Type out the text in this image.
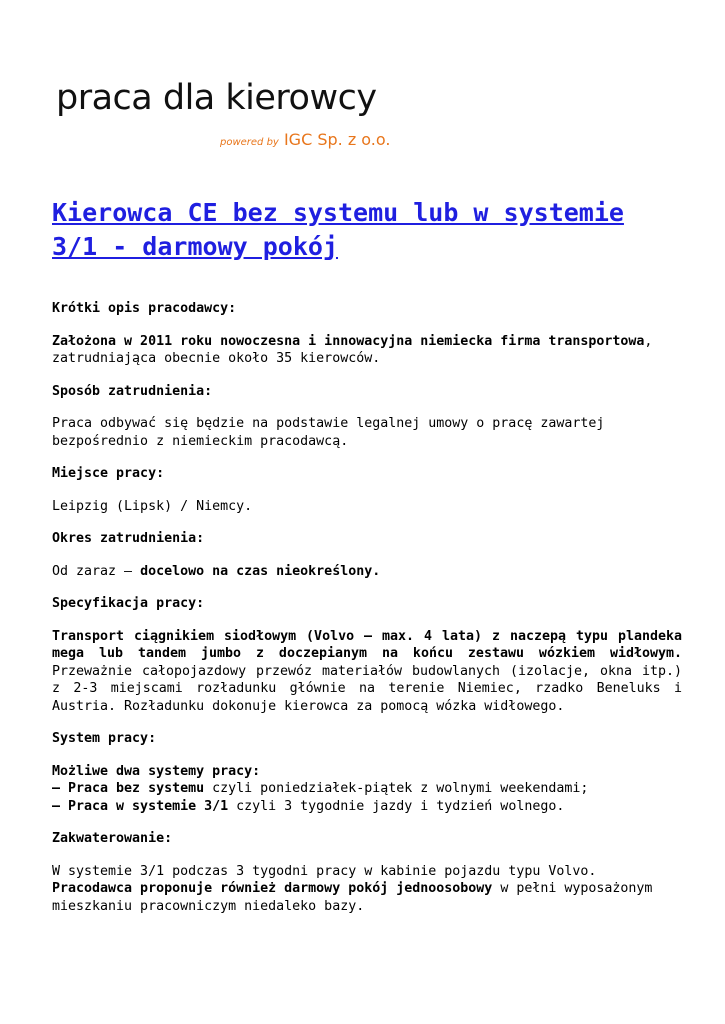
praca dla kierowcy
powered by IGC Sp. z o.o.
Kierowca CE bez systemu lub w systemie 3/1 - darmowy pokój

Krótki opis pracodawcy:

Założona w 2011 roku nowoczesna i innowacyjna niemiecka firma transportowa, zatrudniająca obecnie około 35 kierowców.

Sposób zatrudnienia:

Praca odbywać się będzie na podstawie legalnej umowy o pracę zawartej bezpośrednio z niemieckim pracodawcą.

Miejsce pracy:

Leipzig (Lipsk) / Niemcy.

Okres zatrudnienia:

Od zaraz – docelowo na czas nieokreślony.

Specyfikacja pracy:

Transport ciągnikiem siodłowym (Volvo – max. 4 lata) z naczepą typu plandeka mega lub tandem jumbo z doczepianym na końcu zestawu wózkiem widłowym. Przeważnie całopojazdowy przewóz materiałów budowlanych (izolacje, okna itp.) z 2-3 miejscami rozładunku głównie na terenie Niemiec, rzadko Beneluks i Austria. Rozładunku dokonuje kierowca za pomocą wózka widłowego.

System pracy:

Możliwe dwa systemy pracy:

– Praca bez systemu czyli poniedziałek-piątek z wolnymi weekendami;

– Praca w systemie 3/1 czyli 3 tygodnie jazdy i tydzień wolnego.

Zakwaterowanie:

W systemie 3/1 podczas 3 tygodni pracy w kabinie pojazdu typu Volvo.

Pracodawca proponuje również darmowy pokój jednoosobowy w pełni wyposażonym mieszkaniu pracowniczym niedaleko bazy.
